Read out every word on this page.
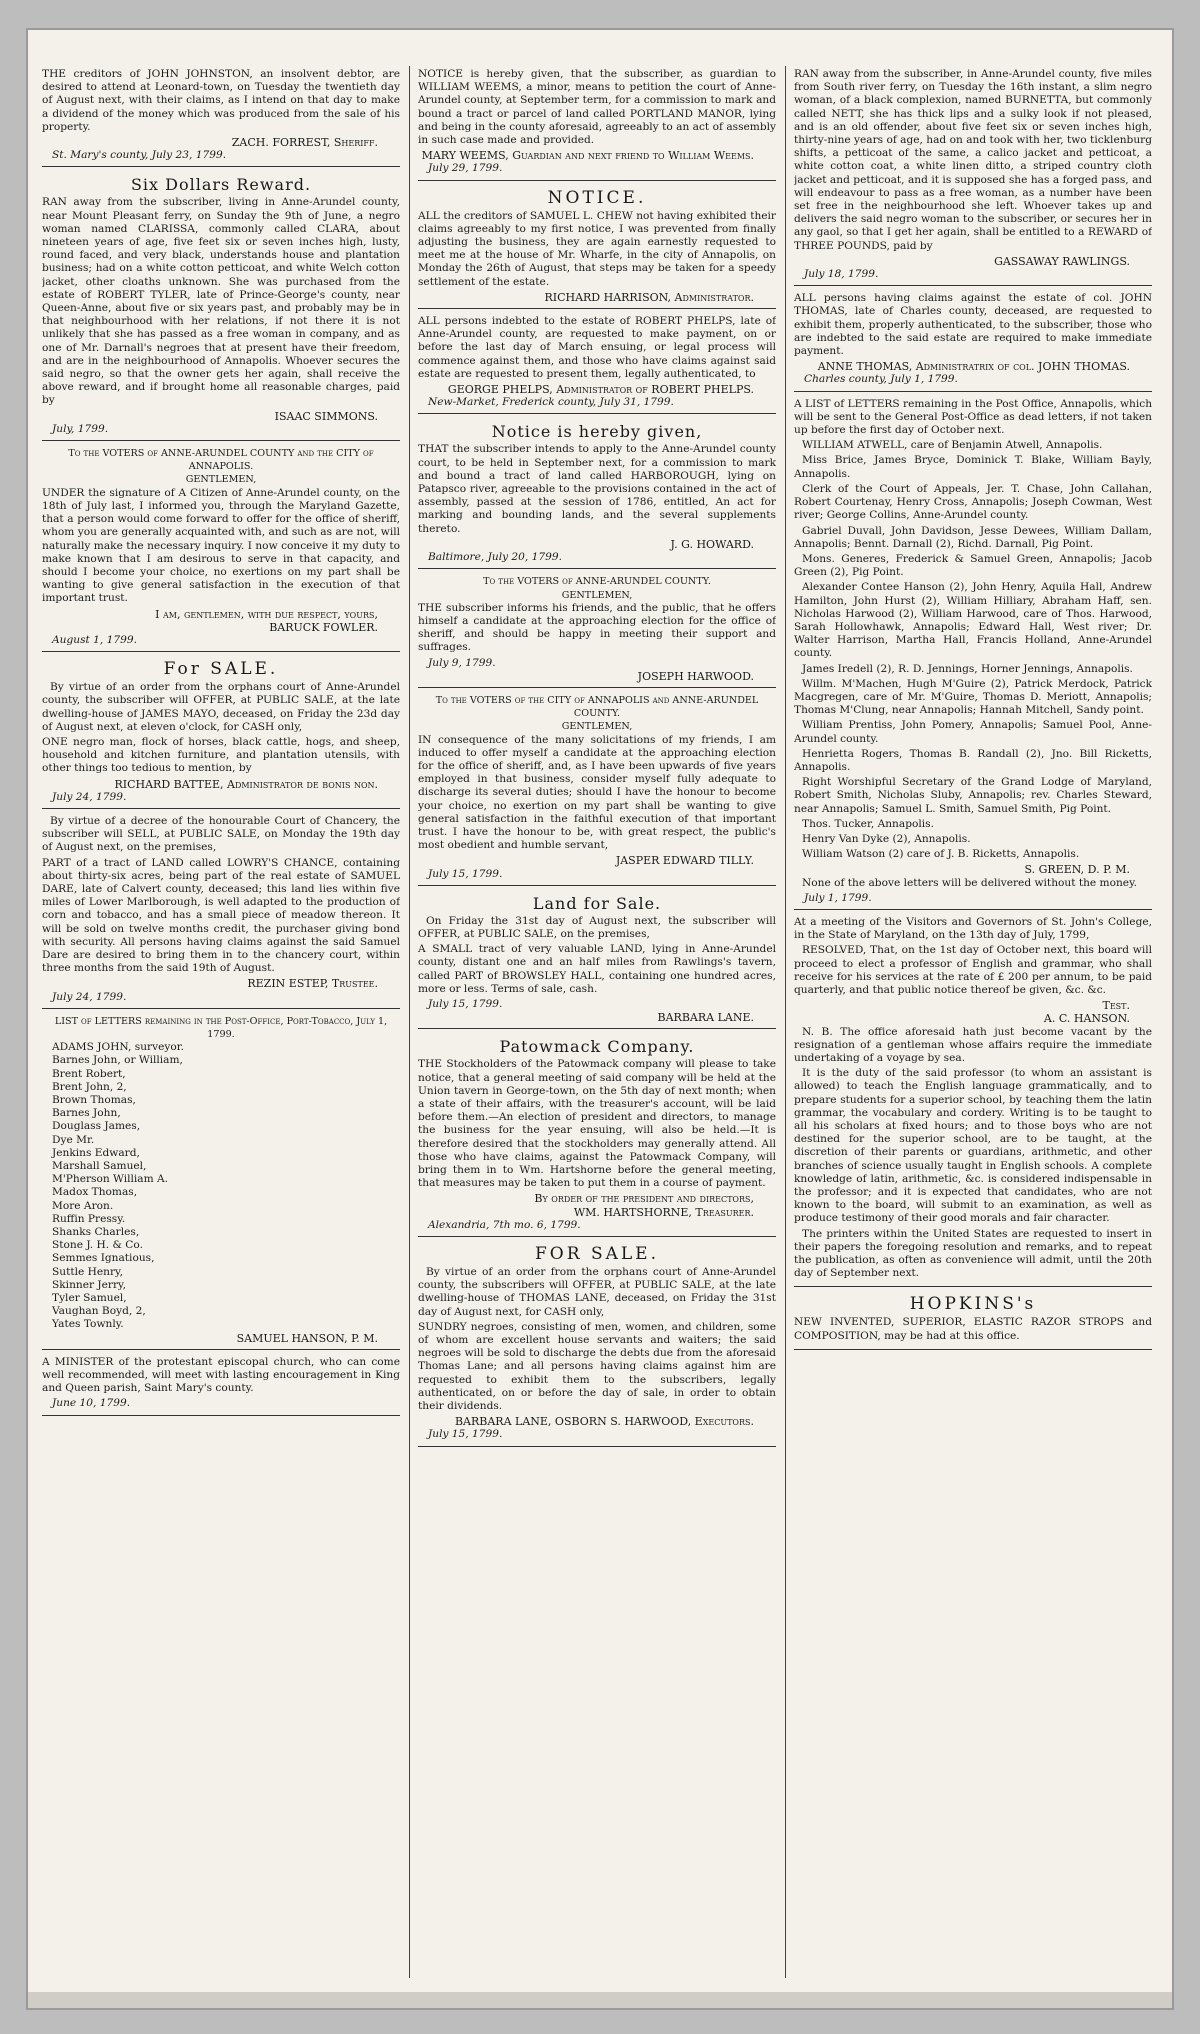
THE creditors of JOHN JOHNSTON, an insolvent debtor, are desired to attend at Leonard-town, on Tuesday the twentieth day of August next, with their claims, as I intend on that day to make a dividend of the money which was produced from the sale of his property.

ZACH. FORREST, Sheriff.
St. Mary's county, July 23, 1799.
Six Dollars Reward.

RAN away from the subscriber, living in Anne-Arundel county, near Mount Pleasant ferry, on Sunday the 9th of June, a negro woman named CLARISSA, commonly called CLARA, about nineteen years of age, five feet six or seven inches high, lusty, round faced, and very black, understands house and plantation business; had on a white cotton petticoat, and white Welch cotton jacket, other cloaths unknown. She was purchased from the estate of ROBERT TYLER, late of Prince-George's county, near Queen-Anne, about five or six years past, and probably may be in that neighbourhood with her relations, if not there it is not unlikely that she has passed as a free woman in company, and as one of Mr. Darnall's negroes that at present have their freedom, and are in the neighbourhood of Annapolis. Whoever secures the said negro, so that the owner gets her again, shall receive the above reward, and if brought home all reasonable charges, paid by

ISAAC SIMMONS.
July, 1799.
To the VOTERS of ANNE-ARUNDEL COUNTY and the CITY of ANNAPOLIS.
GENTLEMEN,

UNDER the signature of A Citizen of Anne-Arundel county, on the 18th of July last, I informed you, through the Maryland Gazette, that a person would come forward to offer for the office of sheriff, whom you are generally acquainted with, and such as are not, will naturally make the necessary inquiry. I now conceive it my duty to make known that I am desirous to serve in that capacity, and should I become your choice, no exertions on my part shall be wanting to give general satisfaction in the execution of that important trust.

I am, gentlemen, with due respect, yours,
BARUCK FOWLER.
August 1, 1799.
For SALE.

By virtue of an order from the orphans court of Anne-Arundel county, the subscriber will OFFER, at PUBLIC SALE, at the late dwelling-house of JAMES MAYO, deceased, on Friday the 23d day of August next, at eleven o'clock, for CASH only,

ONE negro man, flock of horses, black cattle, hogs, and sheep, household and kitchen furniture, and plantation utensils, with other things too tedious to mention, by

RICHARD BATTEE, Administrator de bonis non.
July 24, 1799.

By virtue of a decree of the honourable Court of Chancery, the subscriber will SELL, at PUBLIC SALE, on Monday the 19th day of August next, on the premises,

PART of a tract of LAND called LOWRY'S CHANCE, containing about thirty-six acres, being part of the real estate of SAMUEL DARE, late of Calvert county, deceased; this land lies within five miles of Lower Marlborough, is well adapted to the production of corn and tobacco, and has a small piece of meadow thereon. It will be sold on twelve months credit, the purchaser giving bond with security. All persons having claims against the said Samuel Dare are desired to bring them in to the chancery court, within three months from the said 19th of August.

REZIN ESTEP, Trustee.
July 24, 1799.
LIST of LETTERS remaining in the Post-Office, Port-Tobacco, July 1, 1799.

ADAMS JOHN, surveyor.

Barnes John, or William,

Brent Robert,

Brent John, 2,

Brown Thomas,

Barnes John,

Douglass James,

Dye Mr.

Jenkins Edward,

Marshall Samuel,

M'Pherson William A.

Madox Thomas,

More Aron.

Ruffin Pressy.

Shanks Charles,

Stone J. H. & Co.

Semmes Ignatious,

Suttle Henry,

Skinner Jerry,

Tyler Samuel,

Vaughan Boyd, 2,

Yates Townly.

SAMUEL HANSON, P. M.

A MINISTER of the protestant episcopal church, who can come well recommended, will meet with lasting encouragement in King and Queen parish, Saint Mary's county.

June 10, 1799.

NOTICE is hereby given, that the subscriber, as guardian to WILLIAM WEEMS, a minor, means to petition the court of Anne-Arundel county, at September term, for a commission to mark and bound a tract or parcel of land called PORTLAND MANOR, lying and being in the county aforesaid, agreeably to an act of assembly in such case made and provided.

MARY WEEMS, Guardian and next friend to William Weems.
July 29, 1799.
NOTICE.

ALL the creditors of SAMUEL L. CHEW not having exhibited their claims agreeably to my first notice, I was prevented from finally adjusting the business, they are again earnestly requested to meet me at the house of Mr. Wharfe, in the city of Annapolis, on Monday the 26th of August, that steps may be taken for a speedy settlement of the estate.

RICHARD HARRISON, Administrator.

ALL persons indebted to the estate of ROBERT PHELPS, late of Anne-Arundel county, are requested to make payment, on or before the last day of March ensuing, or legal process will commence against them, and those who have claims against said estate are requested to present them, legally authenticated, to

GEORGE PHELPS, Administrator of ROBERT PHELPS.
New-Market, Frederick county, July 31, 1799.
Notice is hereby given,

THAT the subscriber intends to apply to the Anne-Arundel county court, to be held in September next, for a commission to mark and bound a tract of land called HARBOROUGH, lying on Patapsco river, agreeable to the provisions contained in the act of assembly, passed at the session of 1786, entitled, An act for marking and bounding lands, and the several supplements thereto.

J. G. HOWARD.
Baltimore, July 20, 1799.
To the VOTERS of ANNE-ARUNDEL COUNTY.
GENTLEMEN,

THE subscriber informs his friends, and the public, that he offers himself a candidate at the approaching election for the office of sheriff, and should be happy in meeting their support and suffrages.

July 9, 1799.
JOSEPH HARWOOD.
To the VOTERS of the CITY of ANNAPOLIS and ANNE-ARUNDEL COUNTY.
GENTLEMEN,

IN consequence of the many solicitations of my friends, I am induced to offer myself a candidate at the approaching election for the office of sheriff, and, as I have been upwards of five years employed in that business, consider myself fully adequate to discharge its several duties; should I have the honour to become your choice, no exertion on my part shall be wanting to give general satisfaction in the faithful execution of that important trust. I have the honour to be, with great respect, the public's most obedient and humble servant,

JASPER EDWARD TILLY.
July 15, 1799.
Land for Sale.

On Friday the 31st day of August next, the subscriber will OFFER, at PUBLIC SALE, on the premises,

A SMALL tract of very valuable LAND, lying in Anne-Arundel county, distant one and an half miles from Rawlings's tavern, called PART of BROWSLEY HALL, containing one hundred acres, more or less. Terms of sale, cash.

July 15, 1799.
BARBARA LANE.
Patowmack Company.

THE Stockholders of the Patowmack company will please to take notice, that a general meeting of said company will be held at the Union tavern in George-town, on the 5th day of next month; when a state of their affairs, with the treasurer's account, will be laid before them.—An election of president and directors, to manage the business for the year ensuing, will also be held.—It is therefore desired that the stockholders may generally attend. All those who have claims, against the Patowmack Company, will bring them in to Wm. Hartshorne before the general meeting, that measures may be taken to put them in a course of payment.

By order of the president and directors,
WM. HARTSHORNE, Treasurer.
Alexandria, 7th mo. 6, 1799.
FOR SALE.

By virtue of an order from the orphans court of Anne-Arundel county, the subscribers will OFFER, at PUBLIC SALE, at the late dwelling-house of THOMAS LANE, deceased, on Friday the 31st day of August next, for CASH only,

SUNDRY negroes, consisting of men, women, and children, some of whom are excellent house servants and waiters; the said negroes will be sold to discharge the debts due from the aforesaid Thomas Lane; and all persons having claims against him are requested to exhibit them to the subscribers, legally authenticated, on or before the day of sale, in order to obtain their dividends.

BARBARA LANE, OSBORN S. HARWOOD, Executors.
July 15, 1799.

RAN away from the subscriber, in Anne-Arundel county, five miles from South river ferry, on Tuesday the 16th instant, a slim negro woman, of a black complexion, named BURNETTA, but commonly called NETT, she has thick lips and a sulky look if not pleased, and is an old offender, about five feet six or seven inches high, thirty-nine years of age, had on and took with her, two ticklenburg shifts, a petticoat of the same, a calico jacket and petticoat, a white cotton coat, a white linen ditto, a striped country cloth jacket and petticoat, and it is supposed she has a forged pass, and will endeavour to pass as a free woman, as a number have been set free in the neighbourhood she left. Whoever takes up and delivers the said negro woman to the subscriber, or secures her in any gaol, so that I get her again, shall be entitled to a REWARD of THREE POUNDS, paid by

GASSAWAY RAWLINGS.
July 18, 1799.

ALL persons having claims against the estate of col. JOHN THOMAS, late of Charles county, deceased, are requested to exhibit them, properly authenticated, to the subscriber, those who are indebted to the said estate are required to make immediate payment.

ANNE THOMAS, Administratrix of col. JOHN THOMAS.
Charles county, July 1, 1799.

A LIST of LETTERS remaining in the Post Office, Annapolis, which will be sent to the General Post-Office as dead letters, if not taken up before the first day of October next.

WILLIAM ATWELL, care of Benjamin Atwell, Annapolis.

Miss Brice, James Bryce, Dominick T. Blake, William Bayly, Annapolis.

Clerk of the Court of Appeals, Jer. T. Chase, John Callahan, Robert Courtenay, Henry Cross, Annapolis; Joseph Cowman, West river; George Collins, Anne-Arundel county.

Gabriel Duvall, John Davidson, Jesse Dewees, William Dallam, Annapolis; Bennt. Darnall (2), Richd. Darnall, Pig Point.

Mons. Generes, Frederick & Samuel Green, Annapolis; Jacob Green (2), Pig Point.

Alexander Contee Hanson (2), John Henry, Aquila Hall, Andrew Hamilton, John Hurst (2), William Hilliary, Abraham Haff, sen. Nicholas Harwood (2), William Harwood, care of Thos. Harwood, Sarah Hollowhawk, Annapolis; Edward Hall, West river; Dr. Walter Harrison, Martha Hall, Francis Holland, Anne-Arundel county.

James Iredell (2), R. D. Jennings, Horner Jennings, Annapolis.

Willm. M'Machen, Hugh M'Guire (2), Patrick Merdock, Patrick Macgregen, care of Mr. M'Guire, Thomas D. Meriott, Annapolis; Thomas M'Clung, near Annapolis; Hannah Mitchell, Sandy point.

William Prentiss, John Pomery, Annapolis; Samuel Pool, Anne-Arundel county.

Henrietta Rogers, Thomas B. Randall (2), Jno. Bill Ricketts, Annapolis.

Right Worshipful Secretary of the Grand Lodge of Maryland, Robert Smith, Nicholas Sluby, Annapolis; rev. Charles Steward, near Annapolis; Samuel L. Smith, Samuel Smith, Pig Point.

Thos. Tucker, Annapolis.

Henry Van Dyke (2), Annapolis.

William Watson (2) care of J. B. Ricketts, Annapolis.

S. GREEN, D. P. M.

None of the above letters will be delivered without the money.

July 1, 1799.

At a meeting of the Visitors and Governors of St. John's College, in the State of Maryland, on the 13th day of July, 1799,

RESOLVED, That, on the 1st day of October next, this board will proceed to elect a professor of English and grammar, who shall receive for his services at the rate of £ 200 per annum, to be paid quarterly, and that public notice thereof be given, &c. &c.

Test.
A. C. HANSON.

N. B. The office aforesaid hath just become vacant by the resignation of a gentleman whose affairs require the immediate undertaking of a voyage by sea.

It is the duty of the said professor (to whom an assistant is allowed) to teach the English language grammatically, and to prepare students for a superior school, by teaching them the latin grammar, the vocabulary and cordery. Writing is to be taught to all his scholars at fixed hours; and to those boys who are not destined for the superior school, are to be taught, at the discretion of their parents or guardians, arithmetic, and other branches of science usually taught in English schools. A complete knowledge of latin, arithmetic, &c. is considered indispensable in the professor; and it is expected that candidates, who are not known to the board, will submit to an examination, as well as produce testimony of their good morals and fair character.

The printers within the United States are requested to insert in their papers the foregoing resolution and remarks, and to repeat the publication, as often as convenience will admit, until the 20th day of September next.

HOPKINS's

NEW INVENTED, SUPERIOR, ELASTIC RAZOR STROPS and COMPOSITION, may be had at this office.
